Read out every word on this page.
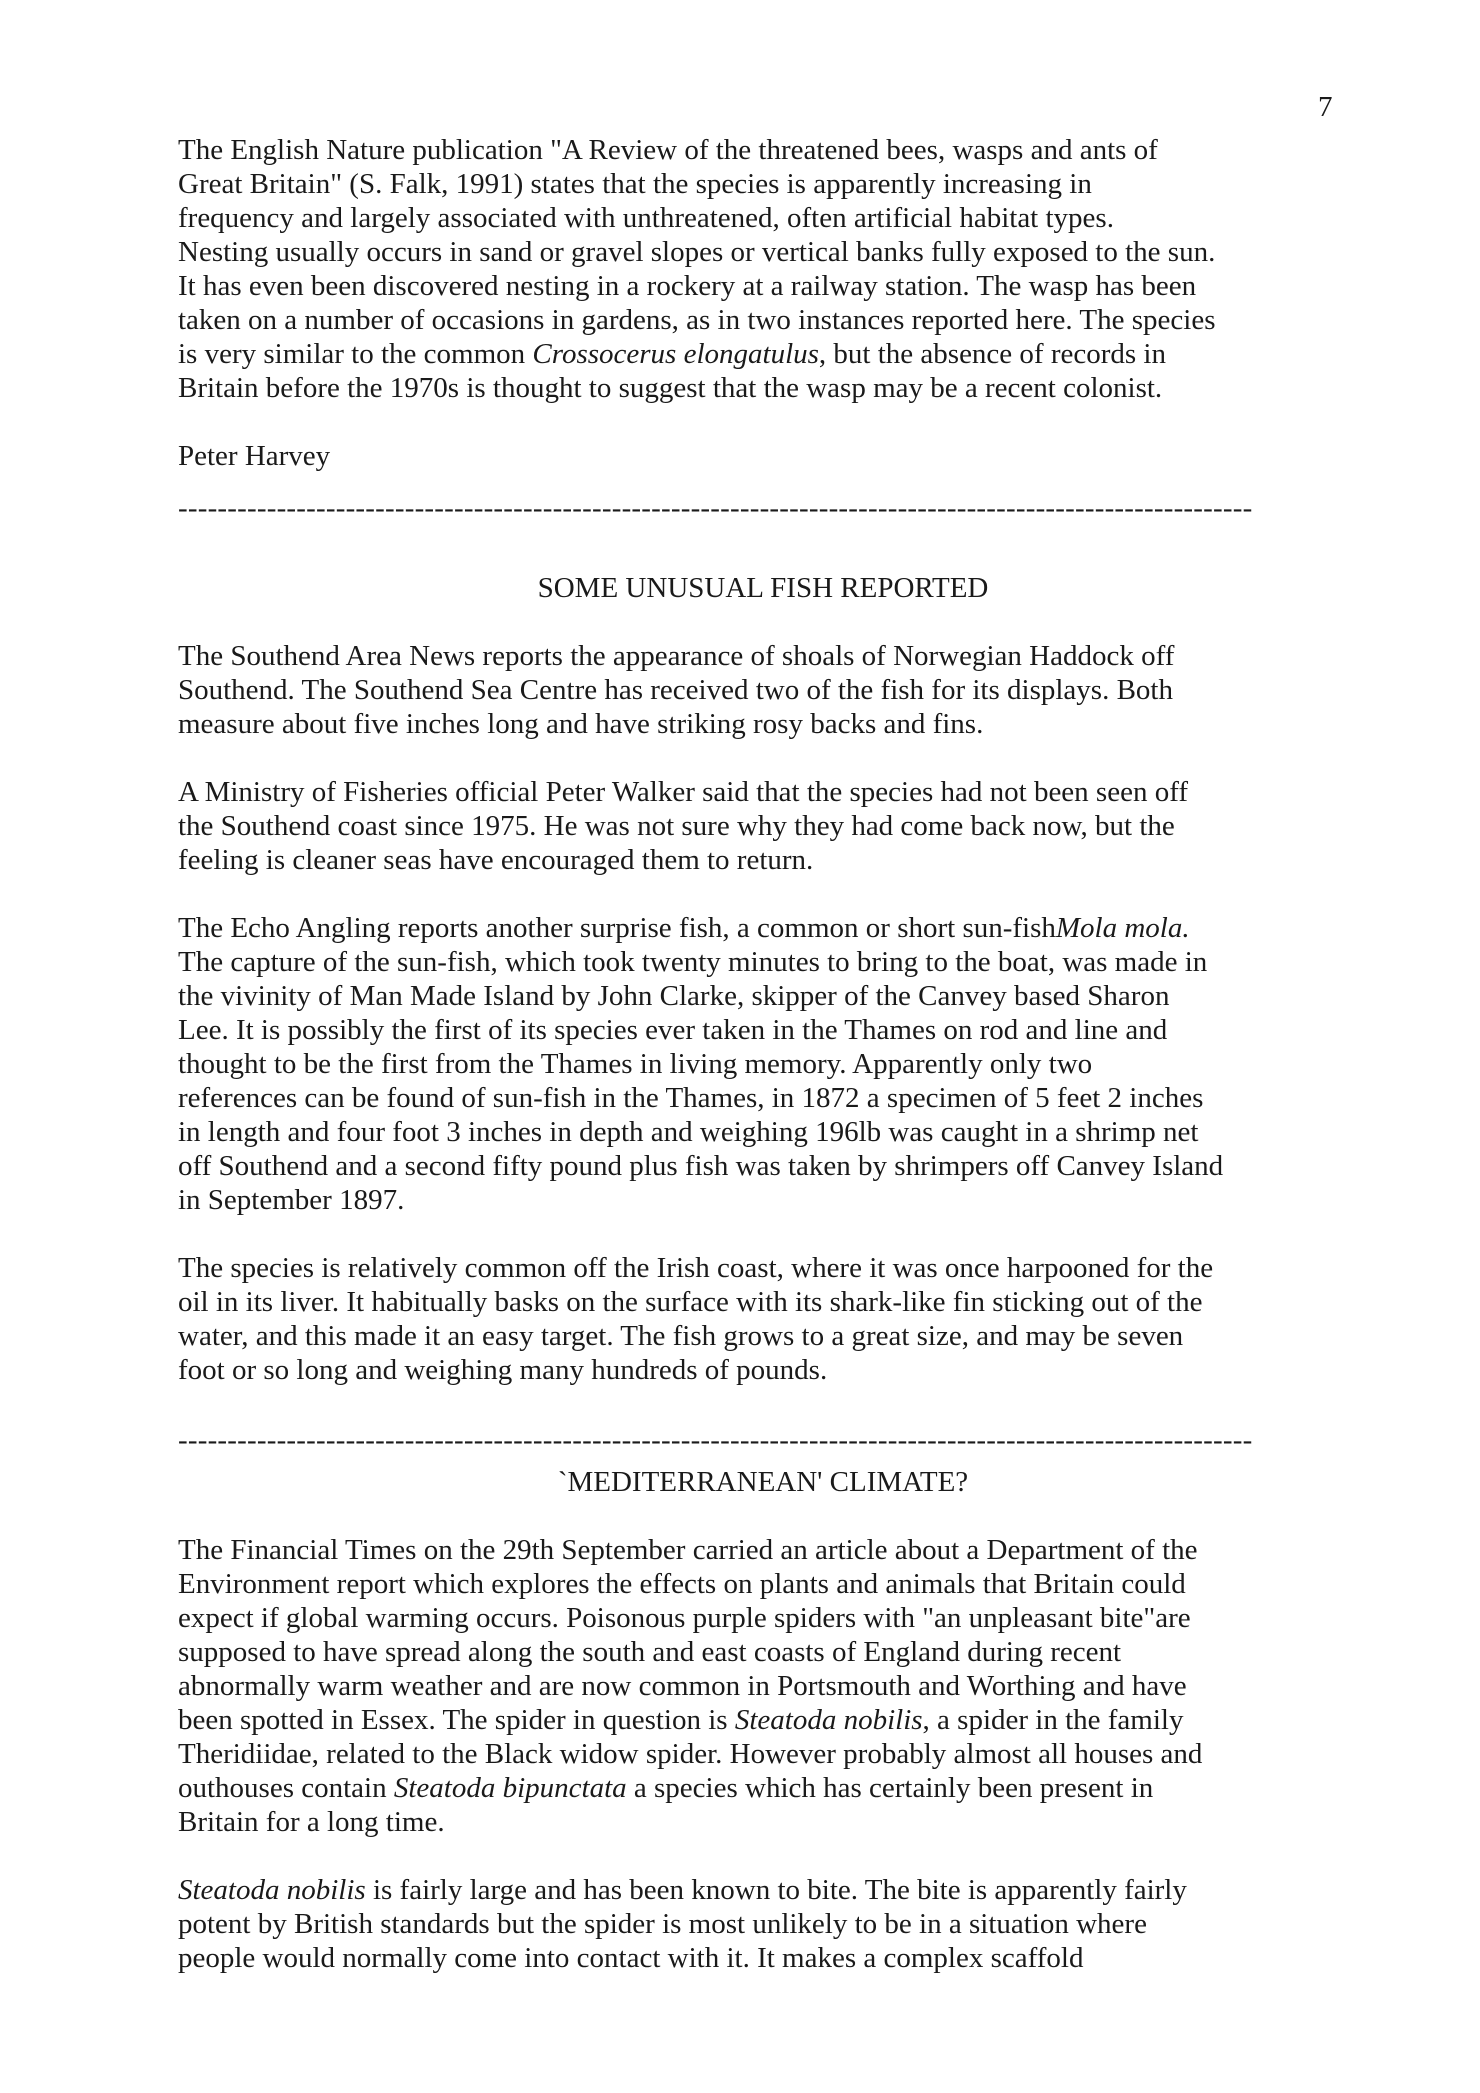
7

The English Nature publication "A Review of the threatened bees, wasps and ants of
Great Britain" (S. Falk, 1991) states that the species is apparently increasing in
frequency and largely associated with unthreatened, often artificial habitat types.
Nesting usually occurs in sand or gravel slopes or vertical banks fully exposed to the sun.
It has even been discovered nesting in a rockery at a railway station. The wasp has been
taken on a number of occasions in gardens, as in two instances reported here. The species
is very similar to the common Crossocerus elongatulus, but the absence of records in
Britain before the 1970s is thought to suggest that the wasp may be a recent colonist.

Peter Harvey

-------------------------------------------------------------------------------------------------------------

SOME UNUSUAL FISH REPORTED

The Southend Area News reports the appearance of shoals of Norwegian Haddock off
Southend. The Southend Sea Centre has received two of the fish for its displays. Both
measure about five inches long and have striking rosy backs and fins.

A Ministry of Fisheries official Peter Walker said that the species had not been seen off
the Southend coast since 1975. He was not sure why they had come back now, but the
feeling is cleaner seas have encouraged them to return.

The Echo Angling reports another surprise fish, a common or short sun-fishMola mola.
The capture of the sun-fish, which took twenty minutes to bring to the boat, was made in
the vivinity of Man Made Island by John Clarke, skipper of the Canvey based Sharon
Lee. It is possibly the first of its species ever taken in the Thames on rod and line and
thought to be the first from the Thames in living memory. Apparently only two
references can be found of sun-fish in the Thames, in 1872 a specimen of 5 feet 2 inches
in length and four foot 3 inches in depth and weighing 196lb was caught in a shrimp net
off Southend and a second fifty pound plus fish was taken by shrimpers off Canvey Island
in September 1897.

The species is relatively common off the Irish coast, where it was once harpooned for the
oil in its liver. It habitually basks on the surface with its shark-like fin sticking out of the
water, and this made it an easy target. The fish grows to a great size, and may be seven
foot or so long and weighing many hundreds of pounds.

-------------------------------------------------------------------------------------------------------------

`MEDITERRANEAN' CLIMATE?

The Financial Times on the 29th September carried an article about a Department of the
Environment report which explores the effects on plants and animals that Britain could
expect if global warming occurs. Poisonous purple spiders with "an unpleasant bite"are
supposed to have spread along the south and east coasts of England during recent
abnormally warm weather and are now common in Portsmouth and Worthing and have
been spotted in Essex. The spider in question is Steatoda nobilis, a spider in the family
Theridiidae, related to the Black widow spider. However probably almost all houses and
outhouses contain Steatoda bipunctata a species which has certainly been present in
Britain for a long time.

Steatoda nobilis is fairly large and has been known to bite. The bite is apparently fairly
potent by British standards but the spider is most unlikely to be in a situation where
people would normally come into contact with it. It makes a complex scaffold
